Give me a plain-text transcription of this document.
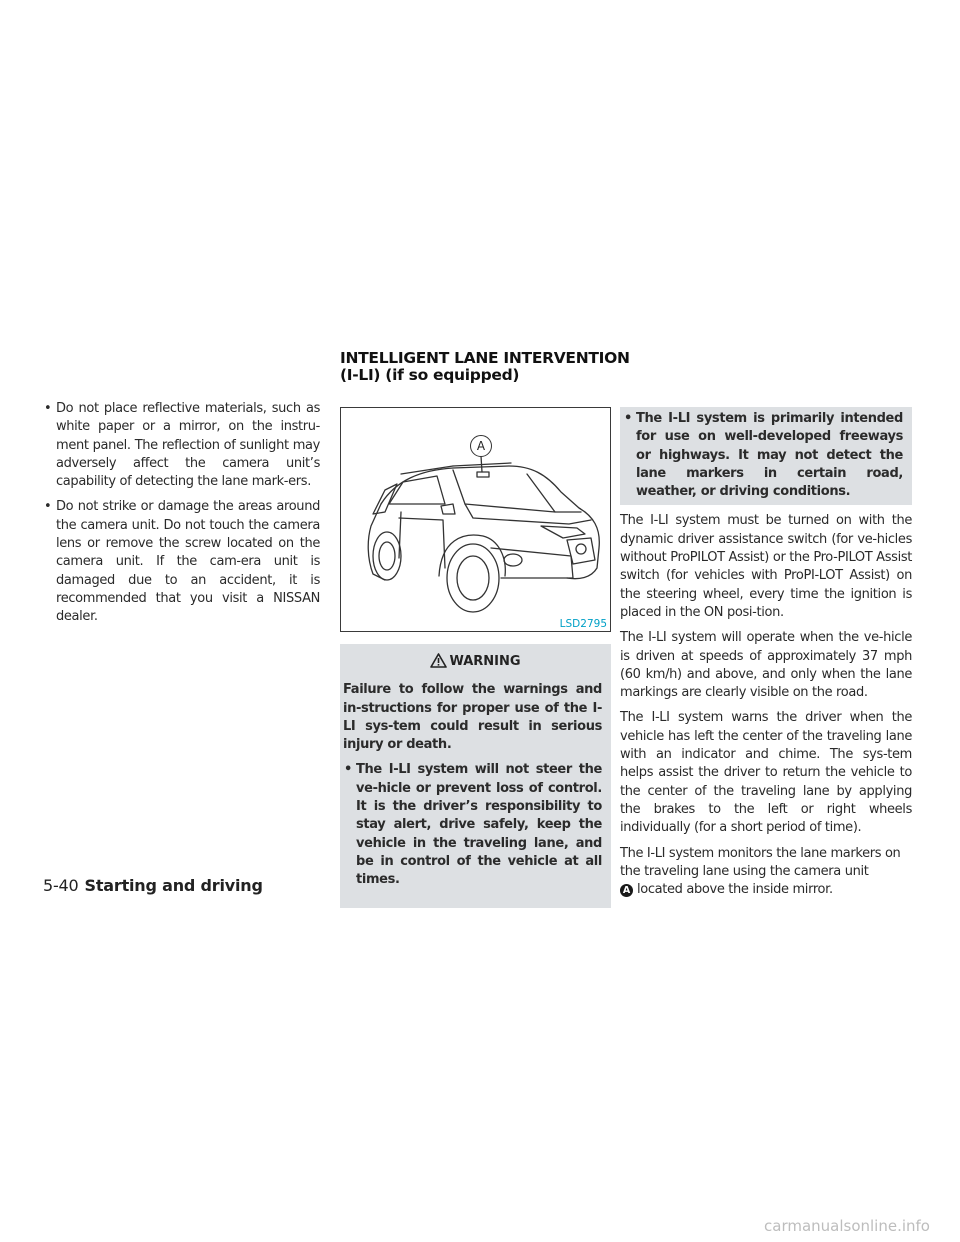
INTELLIGENT LANE INTERVENTION
(I-LI) (if so equipped)
• Do not place reflective materials, such as white paper or a mirror, on the instru-ment panel. The reflection of sunlight may adversely affect the camera unit’s capability of detecting the lane mark-ers.
• Do not strike or damage the areas around the camera unit. Do not touch the camera lens or remove the screw located on the camera unit. If the cam-era unit is damaged due to an accident, it is recommended that you visit a NISSAN dealer.
A
LSD2795
WARNING

Failure to follow the warnings and in-structions for proper use of the I-LI sys-tem could result in serious injury or death.

• The I-LI system will not steer the ve-hicle or prevent loss of control. It is the driver’s responsibility to stay alert, drive safely, keep the vehicle in the traveling lane, and be in control of the vehicle at all times.
• The I-LI system is primarily intended for use on well-developed freeways or highways. It may not detect the lane markers in certain road, weather, or driving conditions.

The I-LI system must be turned on with the dynamic driver assistance switch (for ve-hicles without ProPILOT Assist) or the Pro-PILOT Assist switch (for vehicles with ProPI-LOT Assist) on the steering wheel, every time the ignition is placed in the ON posi-tion.

The I-LI system will operate when the ve-hicle is driven at speeds of approximately 37 mph (60 km/h) and above, and only when the lane markings are clearly visible on the road.

The I-LI system warns the driver when the vehicle has left the center of the traveling lane with an indicator and chime. The sys-tem helps assist the driver to return the vehicle to the center of the traveling lane by applying the brakes to the left or right wheels individually (for a short period of time).

The I-LI system monitors the lane markers on the traveling lane using the camera unit
A located above the inside mirror.

5-40 Starting and driving
carmanualsonline.info
